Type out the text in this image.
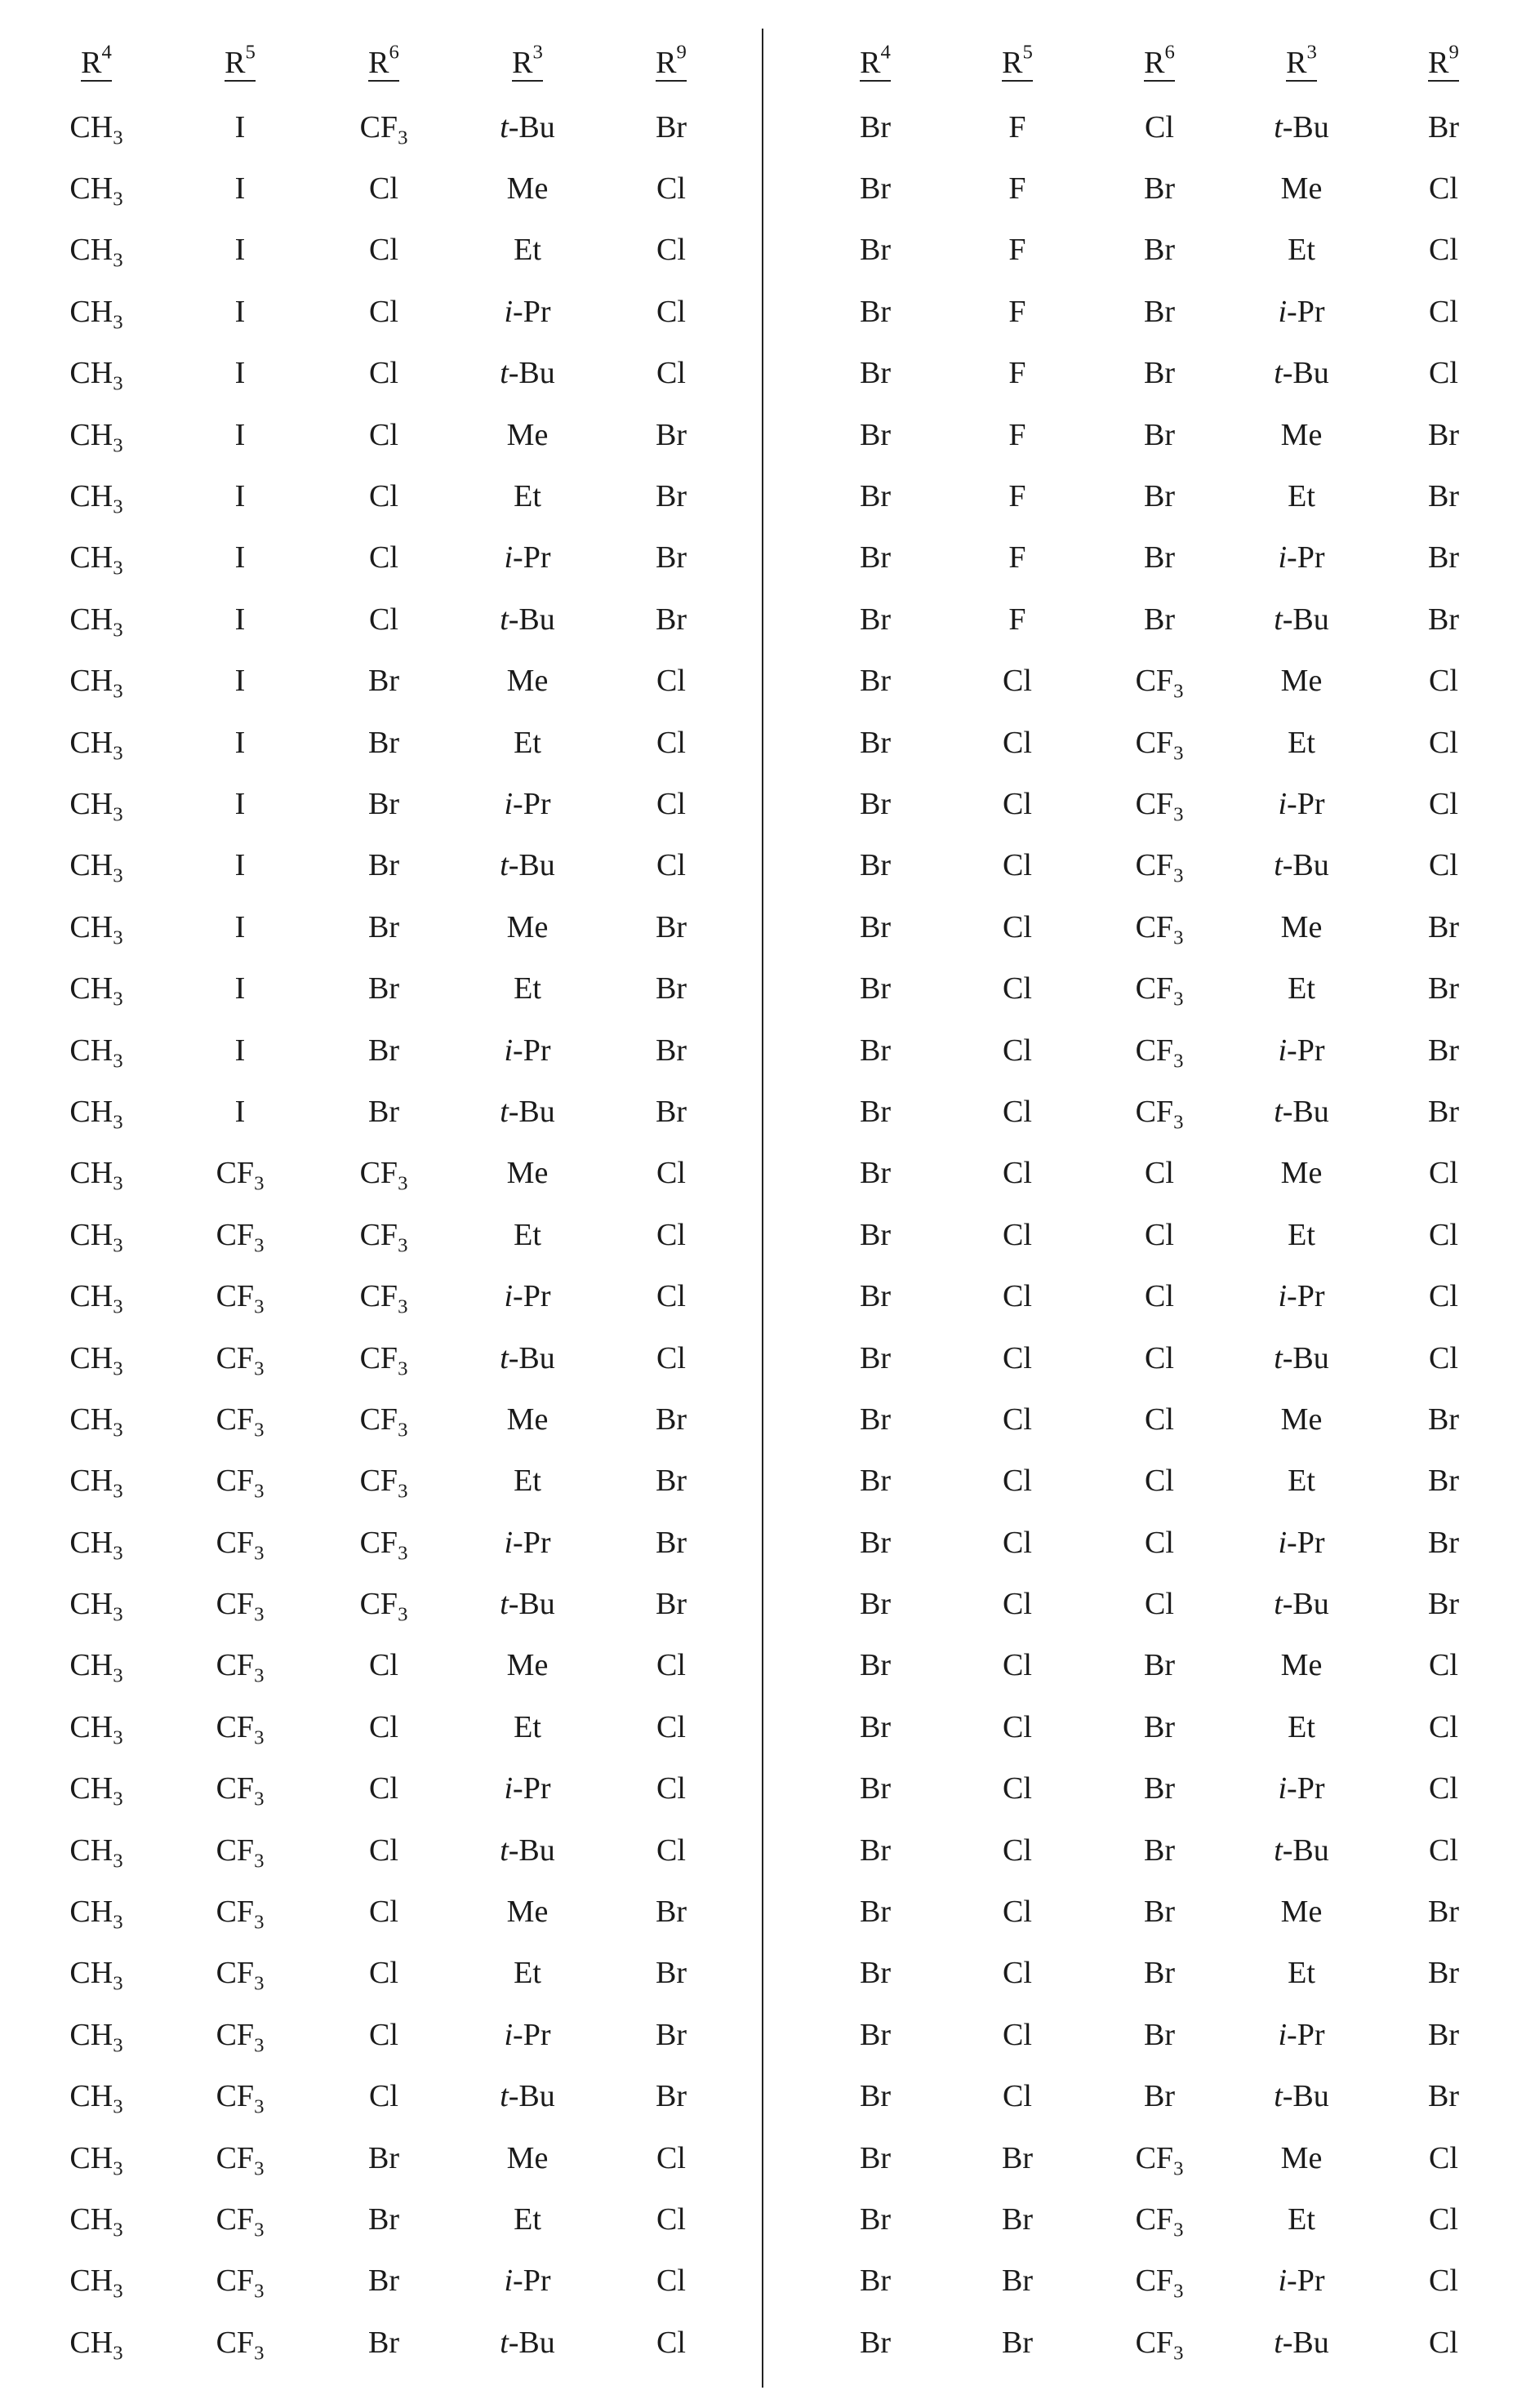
$R^4$	$R^5$	$R^6$	$R^3$	$R^9$
$CH_3$	I	$CF_3$	t-Bu	Br
$CH_3$	I	Cl	Me	Cl
$CH_3$	I	Cl	Et	Cl
$CH_3$	I	Cl	i-Pr	Cl
$CH_3$	I	Cl	t-Bu	Cl
$CH_3$	I	Cl	Me	Br
$CH_3$	I	Cl	Et	Br
$CH_3$	I	Cl	i-Pr	Br
$CH_3$	I	Cl	t-Bu	Br
$CH_3$	I	Br	Me	Cl
$CH_3$	I	Br	Et	Cl
$CH_3$	I	Br	i-Pr	Cl
$CH_3$	I	Br	t-Bu	Cl
$CH_3$	I	Br	Me	Br
$CH_3$	I	Br	Et	Br
$CH_3$	I	Br	i-Pr	Br
$CH_3$	I	Br	t-Bu	Br
$CH_3$	$CF_3$	$CF_3$	Me	Cl
$CH_3$	$CF_3$	$CF_3$	Et	Cl
$CH_3$	$CF_3$	$CF_3$	i-Pr	Cl
$CH_3$	$CF_3$	$CF_3$	t-Bu	Cl
$CH_3$	$CF_3$	$CF_3$	Me	Br
$CH_3$	$CF_3$	$CF_3$	Et	Br
$CH_3$	$CF_3$	$CF_3$	i-Pr	Br
$CH_3$	$CF_3$	$CF_3$	t-Bu	Br
$CH_3$	$CF_3$	Cl	Me	Cl
$CH_3$	$CF_3$	Cl	Et	Cl
$CH_3$	$CF_3$	Cl	i-Pr	Cl
$CH_3$	$CF_3$	Cl	t-Bu	Cl
$CH_3$	$CF_3$	Cl	Me	Br
$CH_3$	$CF_3$	Cl	Et	Br
$CH_3$	$CF_3$	Cl	i-Pr	Br
$CH_3$	$CF_3$	Cl	t-Bu	Br
$CH_3$	$CF_3$	Br	Me	Cl
$CH_3$	$CF_3$	Br	Et	Cl
$CH_3$	$CF_3$	Br	i-Pr	Cl
$CH_3$	$CF_3$	Br	t-Bu	Cl
$R^4$	$R^5$	$R^6$	$R^3$	$R^9$
Br	F	Cl	t-Bu	Br
Br	F	Br	Me	Cl
Br	F	Br	Et	Cl
Br	F	Br	i-Pr	Cl
Br	F	Br	t-Bu	Cl
Br	F	Br	Me	Br
Br	F	Br	Et	Br
Br	F	Br	i-Pr	Br
Br	F	Br	t-Bu	Br
Br	Cl	$CF_3$	Me	Cl
Br	Cl	$CF_3$	Et	Cl
Br	Cl	$CF_3$	i-Pr	Cl
Br	Cl	$CF_3$	t-Bu	Cl
Br	Cl	$CF_3$	Me	Br
Br	Cl	$CF_3$	Et	Br
Br	Cl	$CF_3$	i-Pr	Br
Br	Cl	$CF_3$	t-Bu	Br
Br	Cl	Cl	Me	Cl
Br	Cl	Cl	Et	Cl
Br	Cl	Cl	i-Pr	Cl
Br	Cl	Cl	t-Bu	Cl
Br	Cl	Cl	Me	Br
Br	Cl	Cl	Et	Br
Br	Cl	Cl	i-Pr	Br
Br	Cl	Cl	t-Bu	Br
Br	Cl	Br	Me	Cl
Br	Cl	Br	Et	Cl
Br	Cl	Br	i-Pr	Cl
Br	Cl	Br	t-Bu	Cl
Br	Cl	Br	Me	Br
Br	Cl	Br	Et	Br
Br	Cl	Br	i-Pr	Br
Br	Cl	Br	t-Bu	Br
Br	Br	$CF_3$	Me	Cl
Br	Br	$CF_3$	Et	Cl
Br	Br	$CF_3$	i-Pr	Cl
Br	Br	$CF_3$	t-Bu	Cl
